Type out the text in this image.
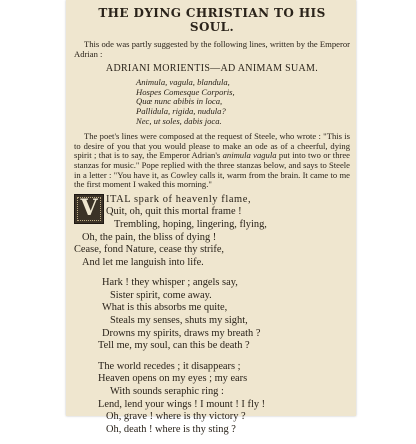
THE DYING CHRISTIAN TO HIS SOUL.

This ode was partly suggested by the following lines, written by the Emperor Adrian :

ADRIANI MORIENTIS—AD ANIMAM SUAM.
Animula, vagula, blandula,
Hospes Comesque Corporis,
Quæ nunc abibis in loca,
Pallidula, rigida, nudula?
Nec, ut soles, dabis joca.

The poet's lines were composed at the request of Steele, who wrote : "This is to desire of you that you would please to make an ode as of a cheerful, dying spirit ; that is to say, the Emperor Adrian's animula vagula put into two or three stanzas for music." Pope replied with the three stanzas below, and says to Steele in a letter : "You have it, as Cowley calls it, warm from the brain. It came to me the first moment I waked this morning."

V ITAL spark of heavenly flame,
Quit, oh, quit this mortal frame !
Trembling, hoping, lingering, flying,
Oh, the pain, the bliss of dying !
Cease, fond Nature, cease thy strife,
And let me languish into life.
Hark ! they whisper ; angels say,
Sister spirit, come away.
What is this absorbs me quite,
Steals my senses, shuts my sight,
Drowns my spirits, draws my breath ?
Tell me, my soul, can this be death ?
The world recedes ; it disappears ;
Heaven opens on my eyes ; my ears
With sounds seraphic ring :
Lend, lend your wings ! I mount ! I fly !
Oh, grave ! where is thy victory ?
Oh, death ! where is thy sting ?
